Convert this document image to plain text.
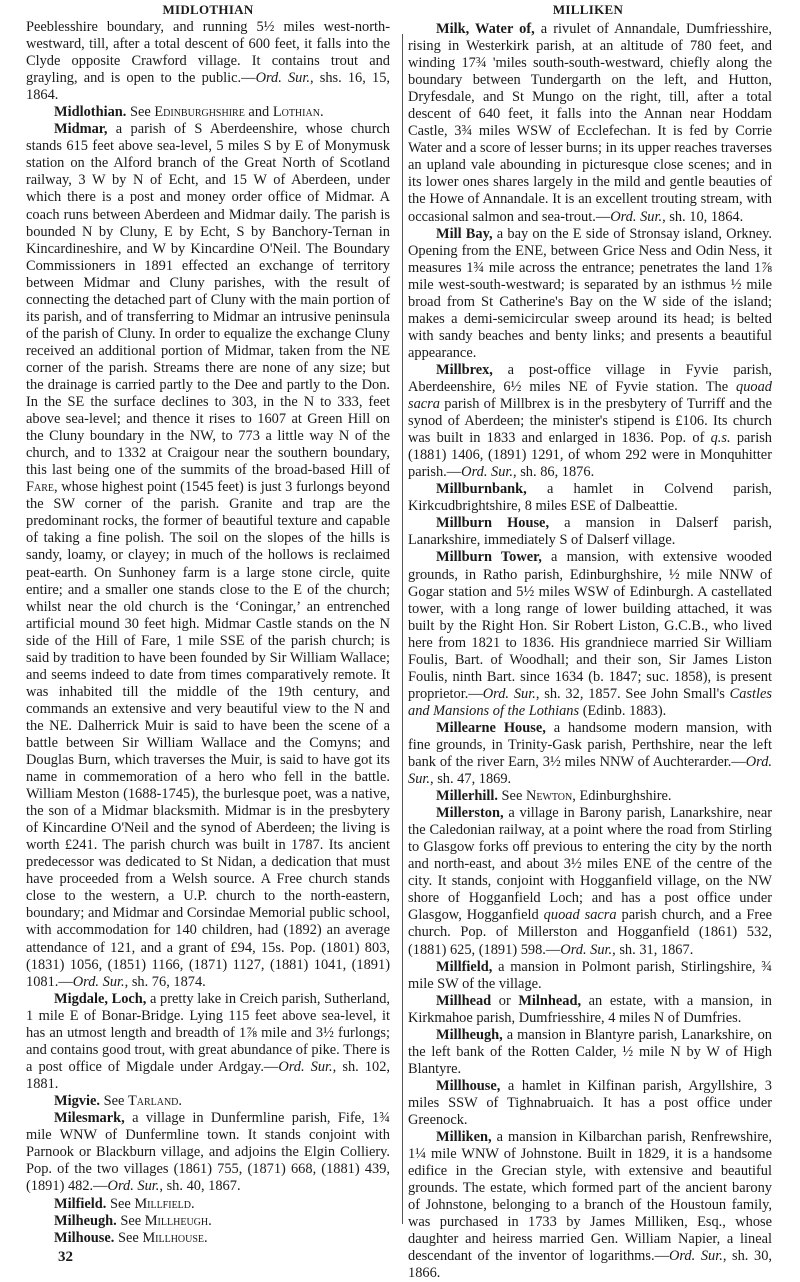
MIDLOTHIAN	MILLIKEN

Peeblesshire boundary, and running 5½ miles west-north-westward, till, after a total descent of 600 feet, it falls into the Clyde opposite Crawford village. It contains trout and grayling, and is open to the public.—Ord. Sur., shs. 16, 15, 1864.

Midlothian. See Edinburghshire and Lothian.

Midmar, a parish of S Aberdeenshire, whose church stands 615 feet above sea-level, 5 miles S by E of Monymusk station on the Alford branch of the Great North of Scotland railway, 3 W by N of Echt, and 15 W of Aberdeen, under which there is a post and money order office of Midmar. A coach runs between Aberdeen and Midmar daily. The parish is bounded N by Cluny, E by Echt, S by Banchory-Ternan in Kincardineshire, and W by Kincardine O'Neil. The Boundary Commissioners in 1891 effected an exchange of territory between Midmar and Cluny parishes, with the result of connecting the detached part of Cluny with the main portion of its parish, and of transferring to Midmar an intrusive peninsula of the parish of Cluny. In order to equalize the exchange Cluny received an additional portion of Midmar, taken from the NE corner of the parish. Streams there are none of any size; but the drainage is carried partly to the Dee and partly to the Don. In the SE the surface declines to 303, in the N to 333, feet above sea-level; and thence it rises to 1607 at Green Hill on the Cluny boundary in the NW, to 773 a little way N of the church, and to 1332 at Craigour near the southern boundary, this last being one of the summits of the broad-based Hill of Fare, whose highest point (1545 feet) is just 3 furlongs beyond the SW corner of the parish. Granite and trap are the predominant rocks, the former of beautiful texture and capable of taking a fine polish. The soil on the slopes of the hills is sandy, loamy, or clayey; in much of the hollows is reclaimed peat-earth. On Sunhoney farm is a large stone circle, quite entire; and a smaller one stands close to the E of the church; whilst near the old church is the ‘Coningar,’ an entrenched artificial mound 30 feet high. Midmar Castle stands on the N side of the Hill of Fare, 1 mile SSE of the parish church; is said by tradition to have been founded by Sir William Wallace; and seems indeed to date from times comparatively remote. It was inhabited till the middle of the 19th century, and commands an extensive and very beautiful view to the N and the NE. Dalherrick Muir is said to have been the scene of a battle between Sir William Wallace and the Comyns; and Douglas Burn, which traverses the Muir, is said to have got its name in commemoration of a hero who fell in the battle. William Meston (1688-1745), the burlesque poet, was a native, the son of a Midmar blacksmith. Midmar is in the presbytery of Kincardine O'Neil and the synod of Aberdeen; the living is worth £241. The parish church was built in 1787. Its ancient predecessor was dedicated to St Nidan, a dedication that must have proceeded from a Welsh source. A Free church stands close to the western, a U.P. church to the north-eastern, boundary; and Midmar and Corsindae Memorial public school, with accommodation for 140 children, had (1892) an average attendance of 121, and a grant of £94, 15s. Pop. (1801) 803, (1831) 1056, (1851) 1166, (1871) 1127, (1881) 1041, (1891) 1081.—Ord. Sur., sh. 76, 1874.

Migdale, Loch, a pretty lake in Creich parish, Sutherland, 1 mile E of Bonar-Bridge. Lying 115 feet above sea-level, it has an utmost length and breadth of 1⅞ mile and 3½ furlongs; and contains good trout, with great abundance of pike. There is a post office of Migdale under Ardgay.—Ord. Sur., sh. 102, 1881.

Migvie. See Tarland.

Milesmark, a village in Dunfermline parish, Fife, 1¾ mile WNW of Dunfermline town. It stands conjoint with Parnook or Blackburn village, and adjoins the Elgin Colliery. Pop. of the two villages (1861) 755, (1871) 668, (1881) 439, (1891) 482.—Ord. Sur., sh. 40, 1867.

Milfield. See Millfield.

Milheugh. See Millheugh.

Milhouse. See Millhouse.

32

Milk, Water of, a rivulet of Annandale, Dumfriesshire, rising in Westerkirk parish, at an altitude of 780 feet, and winding 17¾ 'miles south-south-westward, chiefly along the boundary between Tundergarth on the left, and Hutton, Dryfesdale, and St Mungo on the right, till, after a total descent of 640 feet, it falls into the Annan near Hoddam Castle, 3¾ miles WSW of Ecclefechan. It is fed by Corrie Water and a score of lesser burns; in its upper reaches traverses an upland vale abounding in picturesque close scenes; and in its lower ones shares largely in the mild and gentle beauties of the Howe of Annandale. It is an excellent trouting stream, with occasional salmon and sea-trout.—Ord. Sur., sh. 10, 1864.

Mill Bay, a bay on the E side of Stronsay island, Orkney. Opening from the ENE, between Grice Ness and Odin Ness, it measures 1¾ mile across the entrance; penetrates the land 1⅞ mile west-south-westward; is separated by an isthmus ½ mile broad from St Catherine's Bay on the W side of the island; makes a demi-semicircular sweep around its head; is belted with sandy beaches and benty links; and presents a beautiful appearance.

Millbrex, a post-office village in Fyvie parish, Aberdeenshire, 6½ miles NE of Fyvie station. The quoad sacra parish of Millbrex is in the presbytery of Turriff and the synod of Aberdeen; the minister's stipend is £106. Its church was built in 1833 and enlarged in 1836. Pop. of q.s. parish (1881) 1406, (1891) 1291, of whom 292 were in Monquhitter parish.—Ord. Sur., sh. 86, 1876.

Millburnbank, a hamlet in Colvend parish, Kirkcudbrightshire, 8 miles ESE of Dalbeattie.

Millburn House, a mansion in Dalserf parish, Lanarkshire, immediately S of Dalserf village.

Millburn Tower, a mansion, with extensive wooded grounds, in Ratho parish, Edinburghshire, ½ mile NNW of Gogar station and 5½ miles WSW of Edinburgh. A castellated tower, with a long range of lower building attached, it was built by the Right Hon. Sir Robert Liston, G.C.B., who lived here from 1821 to 1836. His grandniece married Sir William Foulis, Bart. of Woodhall; and their son, Sir James Liston Foulis, ninth Bart. since 1634 (b. 1847; suc. 1858), is present proprietor.—Ord. Sur., sh. 32, 1857. See John Small's Castles and Mansions of the Lothians (Edinb. 1883).

Millearne House, a handsome modern mansion, with fine grounds, in Trinity-Gask parish, Perthshire, near the left bank of the river Earn, 3½ miles NNW of Auchterarder.—Ord. Sur., sh. 47, 1869.

Millerhill. See Newton, Edinburghshire.

Millerston, a village in Barony parish, Lanarkshire, near the Caledonian railway, at a point where the road from Stirling to Glasgow forks off previous to entering the city by the north and north-east, and about 3½ miles ENE of the centre of the city. It stands, conjoint with Hogganfield village, on the NW shore of Hogganfield Loch; and has a post office under Glasgow, Hogganfield quoad sacra parish church, and a Free church. Pop. of Millerston and Hogganfield (1861) 532, (1881) 625, (1891) 598.—Ord. Sur., sh. 31, 1867.

Millfield, a mansion in Polmont parish, Stirlingshire, ¾ mile SW of the village.

Millhead or Milnhead, an estate, with a mansion, in Kirkmahoe parish, Dumfriesshire, 4 miles N of Dumfries.

Millheugh, a mansion in Blantyre parish, Lanarkshire, on the left bank of the Rotten Calder, ½ mile N by W of High Blantyre.

Millhouse, a hamlet in Kilfinan parish, Argyllshire, 3 miles SSW of Tighnabruaich. It has a post office under Greenock.

Milliken, a mansion in Kilbarchan parish, Renfrewshire, 1¼ mile WNW of Johnstone. Built in 1829, it is a handsome edifice in the Grecian style, with extensive and beautiful grounds. The estate, which formed part of the ancient barony of Johnstone, belonging to a branch of the Houstoun family, was purchased in 1733 by James Milliken, Esq., whose daughter and heiress married Gen. William Napier, a lineal descendant of the inventor of logarithms.—Ord. Sur., sh. 30, 1866.
